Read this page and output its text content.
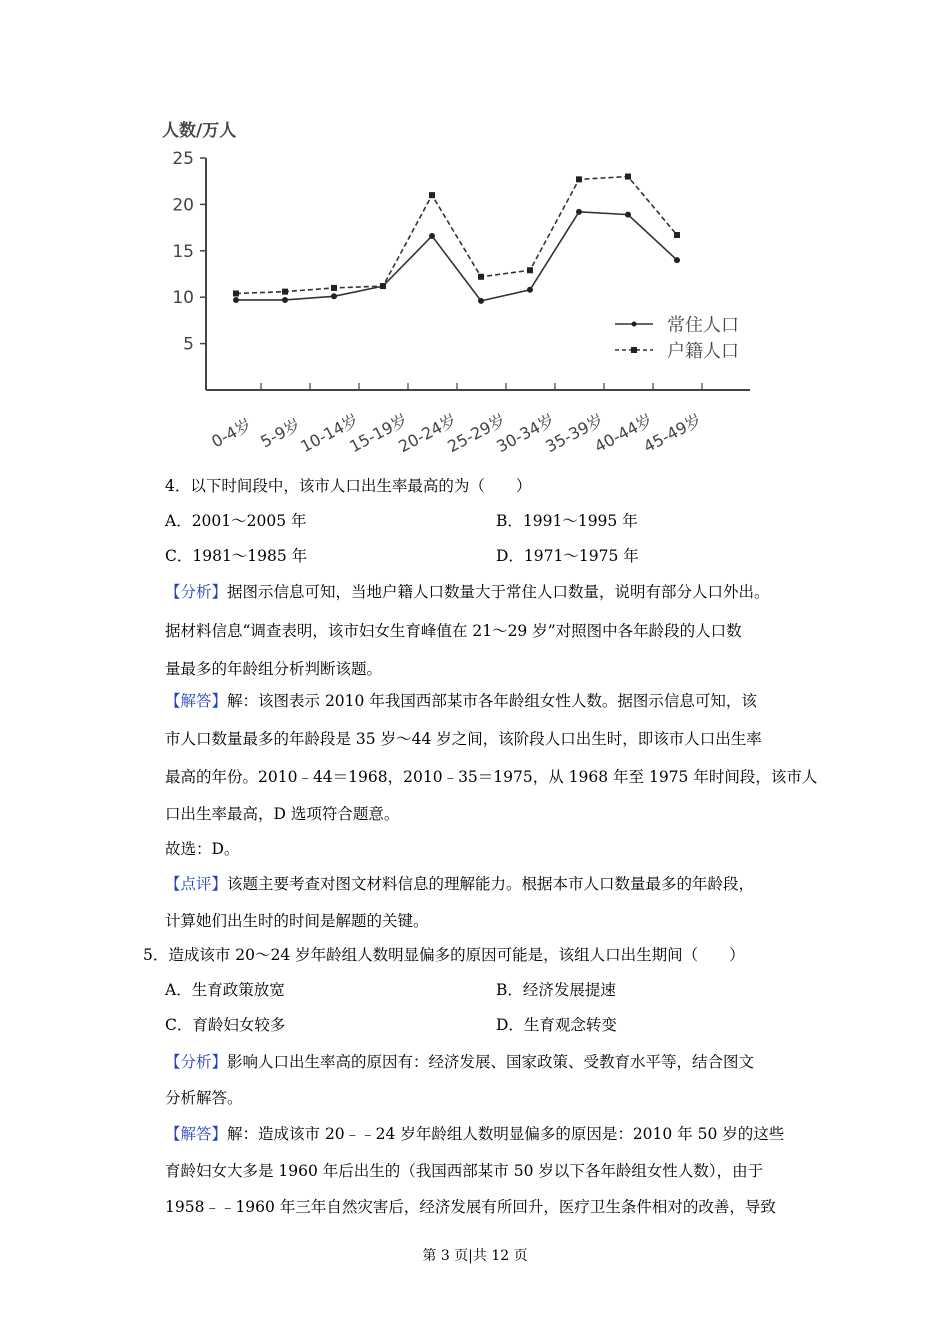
人数/万人
5
10
15
20
25
0-4岁 5-9岁
10-14岁
15-19岁
20-24岁
25-29岁
30-34岁
35-39岁
40-44岁
45-49岁
常住人口
户籍人口
4．以下时间段中，该市人口出生率最高的为（　　）
A．2001～2005 年	B．1991～1995 年
C．1981～1985 年	D．1971～1975 年
【分析】据图示信息可知，当地户籍人口数量大于常住人口数量，说明有部分人口外出。
据材料信息“调查表明，该市妇女生育峰值在 21～29 岁”对照图中各年龄段的人口数
量最多的年龄组分析判断该题。
【解答】解：该图表示 2010 年我国西部某市各年龄组女性人数。据图示信息可知，该
市人口数量最多的年龄段是 35 岁～44 岁之间，该阶段人口出生时，即该市人口出生率
最高的年份。2010﹣44＝1968，2010﹣35＝1975，从 1968 年至 1975 年时间段，该市人
口出生率最高，D 选项符合题意。
故选：D。
【点评】该题主要考查对图文材料信息的理解能力。根据本市人口数量最多的年龄段，
计算她们出生时的时间是解题的关键。
5．造成该市 20～24 岁年龄组人数明显偏多的原因可能是，该组人口出生期间（　　）
A．生育政策放宽	B．经济发展提速
C．育龄妇女较多	D．生育观念转变
【分析】影响人口出生率高的原因有：经济发展、国家政策、受教育水平等，结合图文
分析解答。
【解答】解：造成该市 20﹣﹣24 岁年龄组人数明显偏多的原因是：2010 年 50 岁的这些
育龄妇女大多是 1960 年后出生的（我国西部某市 50 岁以下各年龄组女性人数），由于
1958﹣﹣1960 年三年自然灾害后，经济发展有所回升，医疗卫生条件相对的改善，导致
第 3 页|共 12 页
